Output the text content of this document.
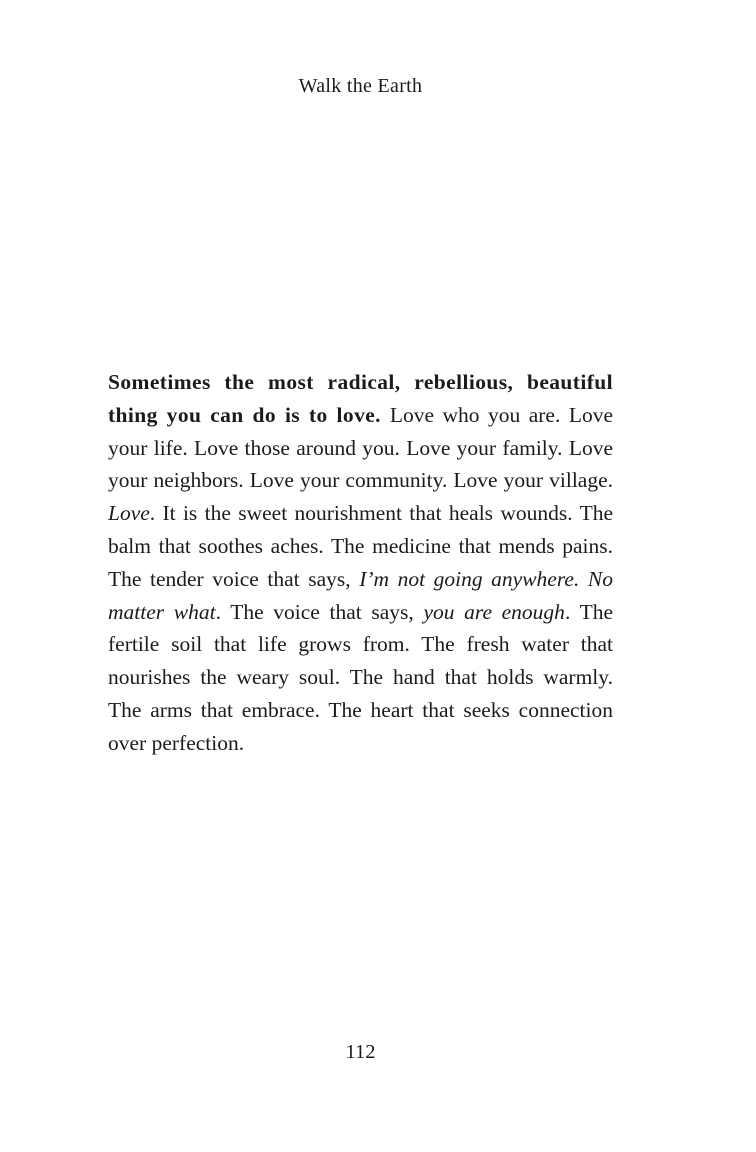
Walk the Earth

Sometimes the most radical, rebellious, beautiful thing you can do is to love. Love who you are. Love your life. Love those around you. Love your family. Love your neighbors. Love your community. Love your village. Love. It is the sweet nourishment that heals wounds. The balm that soothes aches. The medicine that mends pains. The tender voice that says, I’m not going anywhere. No matter what. The voice that says, you are enough. The fertile soil that life grows from. The fresh water that nourishes the weary soul. The hand that holds warmly. The arms that embrace. The heart that seeks connection over perfection.

112
